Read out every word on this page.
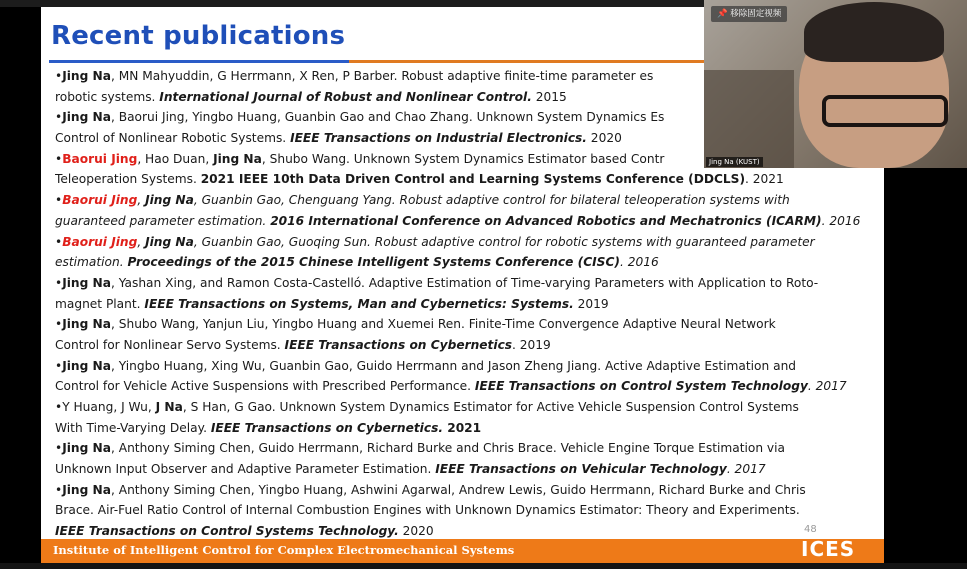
Recent publications
•Jing Na, MN Mahyuddin, G Herrmann, X Ren, P Barber. Robust adaptive finite-time parameter es
robotic systems. International Journal of Robust and Nonlinear Control. 2015
•Jing Na, Baorui Jing, Yingbo Huang, Guanbin Gao and Chao Zhang. Unknown System Dynamics Es
Control of Nonlinear Robotic Systems. IEEE Transactions on Industrial Electronics. 2020
•Baorui Jing, Hao Duan, Jing Na, Shubo Wang. Unknown System Dynamics Estimator based Contr
Teleoperation Systems. 2021 IEEE 10th Data Driven Control and Learning Systems Conference (DDCLS). 2021
•Baorui Jing, Jing Na, Guanbin Gao, Chenguang Yang. Robust adaptive control for bilateral teleoperation systems with
guaranteed parameter estimation. 2016 International Conference on Advanced Robotics and Mechatronics (ICARM). 2016
•Baorui Jing, Jing Na, Guanbin Gao, Guoqing Sun. Robust adaptive control for robotic systems with guaranteed parameter
estimation. Proceedings of the 2015 Chinese Intelligent Systems Conference (CISC). 2016
•Jing Na, Yashan Xing, and Ramon Costa-Castelló. Adaptive Estimation of Time-varying Parameters with Application to Roto-
magnet Plant. IEEE Transactions on Systems, Man and Cybernetics: Systems. 2019
•Jing Na, Shubo Wang, Yanjun Liu, Yingbo Huang and Xuemei Ren. Finite-Time Convergence Adaptive Neural Network
Control for Nonlinear Servo Systems. IEEE Transactions on Cybernetics. 2019
•Jing Na, Yingbo Huang, Xing Wu, Guanbin Gao, Guido Herrmann and Jason Zheng Jiang. Active Adaptive Estimation and
Control for Vehicle Active Suspensions with Prescribed Performance. IEEE Transactions on Control System Technology. 2017
•Y Huang, J Wu, J Na, S Han, G Gao. Unknown System Dynamics Estimator for Active Vehicle Suspension Control Systems
With Time-Varying Delay. IEEE Transactions on Cybernetics. 2021
•Jing Na, Anthony Siming Chen, Guido Herrmann, Richard Burke and Chris Brace. Vehicle Engine Torque Estimation via
Unknown Input Observer and Adaptive Parameter Estimation. IEEE Transactions on Vehicular Technology. 2017
•Jing Na, Anthony Siming Chen, Yingbo Huang, Ashwini Agarwal, Andrew Lewis, Guido Herrmann, Richard Burke and Chris
Brace. Air-Fuel Ratio Control of Internal Combustion Engines with Unknown Dynamics Estimator: Theory and Experiments.
IEEE Transactions on Control Systems Technology. 2020	48
Institute of Intelligent Control for Complex Electromechanical Systems	ICES
📌 移除固定视频
Jing Na (KUST)
